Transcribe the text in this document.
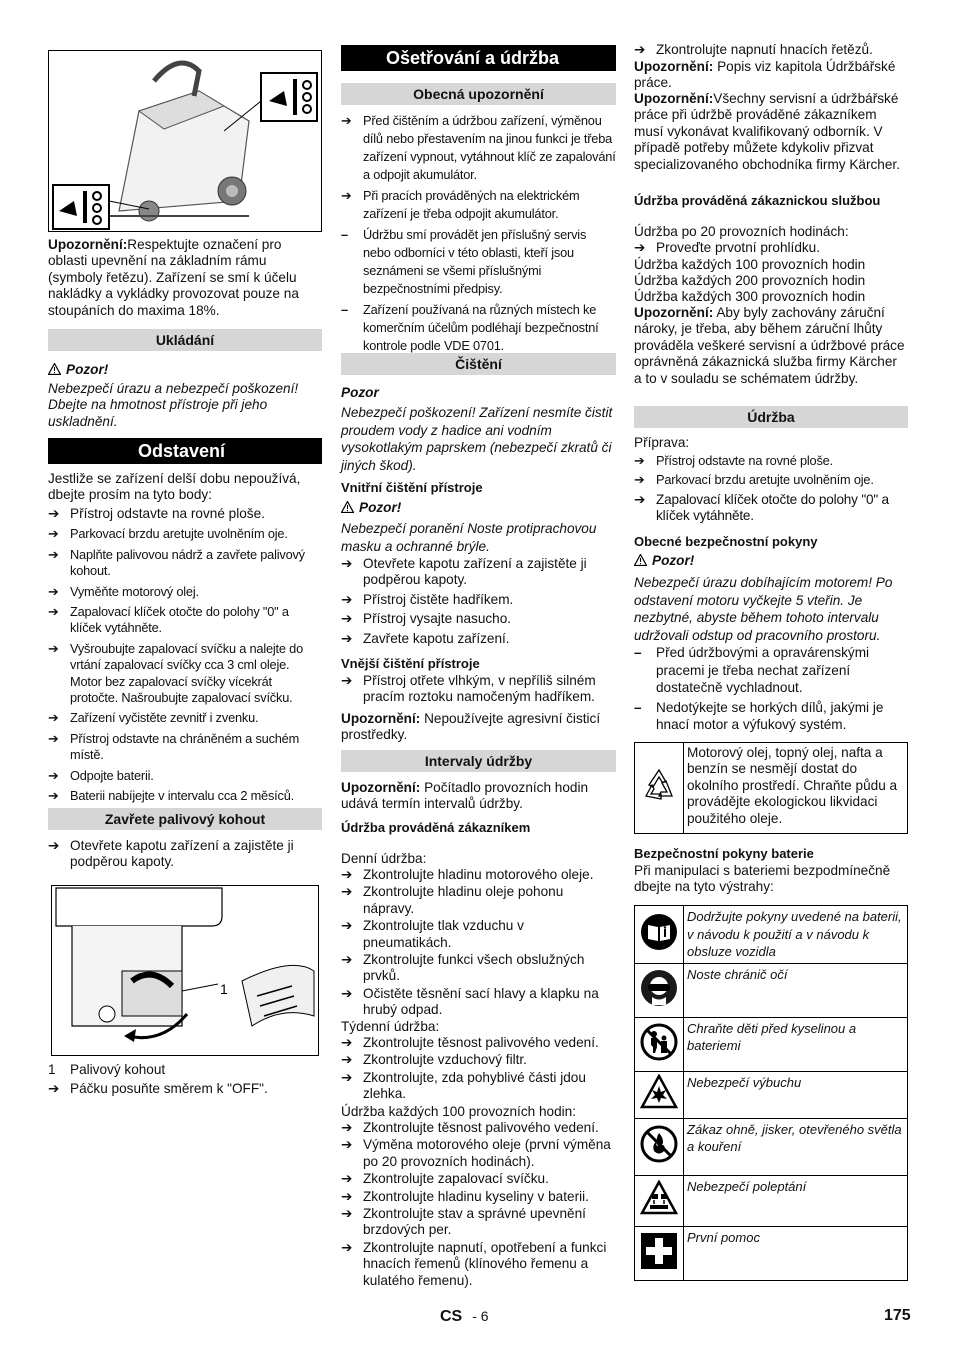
Upozornění:Respektujte označení pro oblasti upevnění na základním rámu (symboly řetězu). Zařízení se smí k účelu nakládky a vykládky provozovat pouze na stoupáních do maxima 18%.

Ukládání

Pozor!

Nebezpečí úrazu a nebezpečí poškození! Dbejte na hmotnost přístroje při jeho uskladnění.

Odstavení

Jestliže se zařízení delší dobu nepoužívá, dbejte prosím na tyto body:

➔ Přístroj odstavte na rovné ploše.
➔ Parkovací brzdu aretujte uvolněním oje.
➔ Naplňte palivovou nádrž a zavřete palivový kohout.
➔ Vyměňte motorový olej.
➔ Zapalovací klíček otočte do polohy "0" a klíček vytáhněte.
➔ Vyšroubujte zapalovací svíčku a nalejte do vrtání zapalovací svíčky cca 3 cml oleje. Motor bez zapalovací svíčky vícekrát protočte. Našroubujte zapalovací svíčku.
➔ Zařízení vyčistěte zevnitř i zvenku.
➔ Přístroj odstavte na chráněném a suchém místě.
➔ Odpojte baterii.
➔ Baterii nabíjejte v intervalu cca 2 měsíců.
Zavřete palivový kohout
➔ Otevřete kapotu zařízení a zajistěte ji podpěrou kapoty.
1
1 Palivový kohout
➔ Páčku posuňte směrem k "OFF".
Ošetřování a údržba
Obecná upozornění
➔ Před čištěním a údržbou zařízení, výměnou dílů nebo přestavením na jinou funkci je třeba zařízení vypnout, vytáhnout klíč ze zapalování a odpojit akumulátor.
➔ Při pracích prováděných na elektrickém zařízení je třeba odpojit akumulátor.
–	Údržbu smí provádět jen příslušný servis nebo odborníci v této oblasti, kteří jsou seznámeni se všemi příslušnými bezpečnostními předpisy.
–	Zařízení používaná na různých místech ke komerčním účelům podléhají bezpečnostní kontrole podle VDE 0701.
Čištění

Pozor

Nebezpečí poškození! Zařízení nesmíte čistit proudem vody z hadice ani vodním vysokotlakým paprskem (nebezpečí zkratů či jiných škod).

Vnitřní čištění přístroje

Pozor!

Nebezpečí poranění Noste protiprachovou masku a ochranné brýle.

➔ Otevřete kapotu zařízení a zajistěte ji podpěrou kapoty.
➔ Přístroj čistěte hadříkem.
➔ Přístroj vysajte nasucho.
➔ Zavřete kapotu zařízení.

Vnější čištění přístroje

➔ Přístroj otřete vlhkým, v nepříliš silném pracím roztoku namočeným hadříkem.

Upozornění: Nepoužívejte agresivní čisticí prostředky.

Intervaly údržby

Upozornění: Počítadlo provozních hodin udává termín intervalů údržby.

Údržba prováděná zákazníkem

Denní údržba:

➔ Zkontrolujte hladinu motorového oleje.
➔ Zkontrolujte hladinu oleje pohonu nápravy.
➔ Zkontrolujte tlak vzduchu v pneumatikách.
➔ Zkontrolujte funkci všech obslužných prvků.
➔ Očistěte těsnění sací hlavy a klapku na hrubý odpad.

Týdenní údržba:

➔ Zkontrolujte těsnost palivového vedení.
➔ Zkontrolujte vzduchový filtr.
➔ Zkontrolujte, zda pohyblivé části jdou zlehka.

Údržba každých 100 provozních hodin:

➔ Zkontrolujte těsnost palivového vedení.
➔ Výměna motorového oleje (první výměna po 20 provozních hodinách).
➔ Zkontrolujte zapalovací svíčku.
➔ Zkontrolujte hladinu kyseliny v baterii.
➔ Zkontrolujte stav a správné upevnění brzdových per.
➔ Zkontrolujte napnutí, opotřebení a funkci hnacích řemenů (klínového řemenu a kulatého řemenu).
➔ Zkontrolujte napnutí hnacích řetězů.

Upozornění: Popis viz kapitola Údržbářské práce.

Upozornění:Všechny servisní a údržbářské práce při údržbě prováděné zákazníkem musí vykonávat kvalifikovaný odborník. V případě potřeby můžete kdykoliv přizvat specializovaného obchodníka firmy Kärcher.

Údržba prováděná zákaznickou službou

Údržba po 20 provozních hodinách:

➔ Proveďte prvotní prohlídku.

Údržba každých 100 provozních hodin

Údržba každých 200 provozních hodin

Údržba každých 300 provozních hodin

Upozornění: Aby byly zachovány záruční nároky, je třeba, aby během záruční lhůty prováděla veškeré servisní a údržbové práce oprávněná zákaznická služba firmy Kärcher a to v souladu se schématem údržby.

Údržba

Příprava:

➔ Přístroj odstavte na rovné ploše.
➔ Parkovací brzdu aretujte uvolněním oje.
➔ Zapalovací klíček otočte do polohy "0" a klíček vytáhněte.

Obecné bezpečnostní pokyny

Pozor!

Nebezpečí úrazu dobíhajícím motorem! Po odstavení motoru vyčkejte 5 vteřin. Je nezbytné, abyste během tohoto intervalu udržovali odstup od pracovního prostoru.

–	Před údržbovými a opravárenskými pracemi je třeba nechat zařízení dostatečně vychladnout.
–	Nedotýkejte se horkých dílů, jakými je hnací motor a výfukový systém.
	Motorový olej, topný olej, nafta a benzín se nesmějí dostat do okolního prostředí. Chraňte půdu a provádějte ekologickou likvidaci použitého oleje.

Bezpečnostní pokyny baterie

Při manipulaci s bateriemi bezpodmínečně dbejte na tyto výstrahy:

	Dodržujte pokyny uvedené na baterii, v návodu k použití a v návodu k obsluze vozidla
	Noste chránič očí
	Chraňte děti před kyselinou a bateriemi
	Nebezpečí výbuchu
	Zákaz ohně, jisker, otevřeného světla a kouření
	Nebezpečí poleptání
	První pomoc
CS - 6	175
